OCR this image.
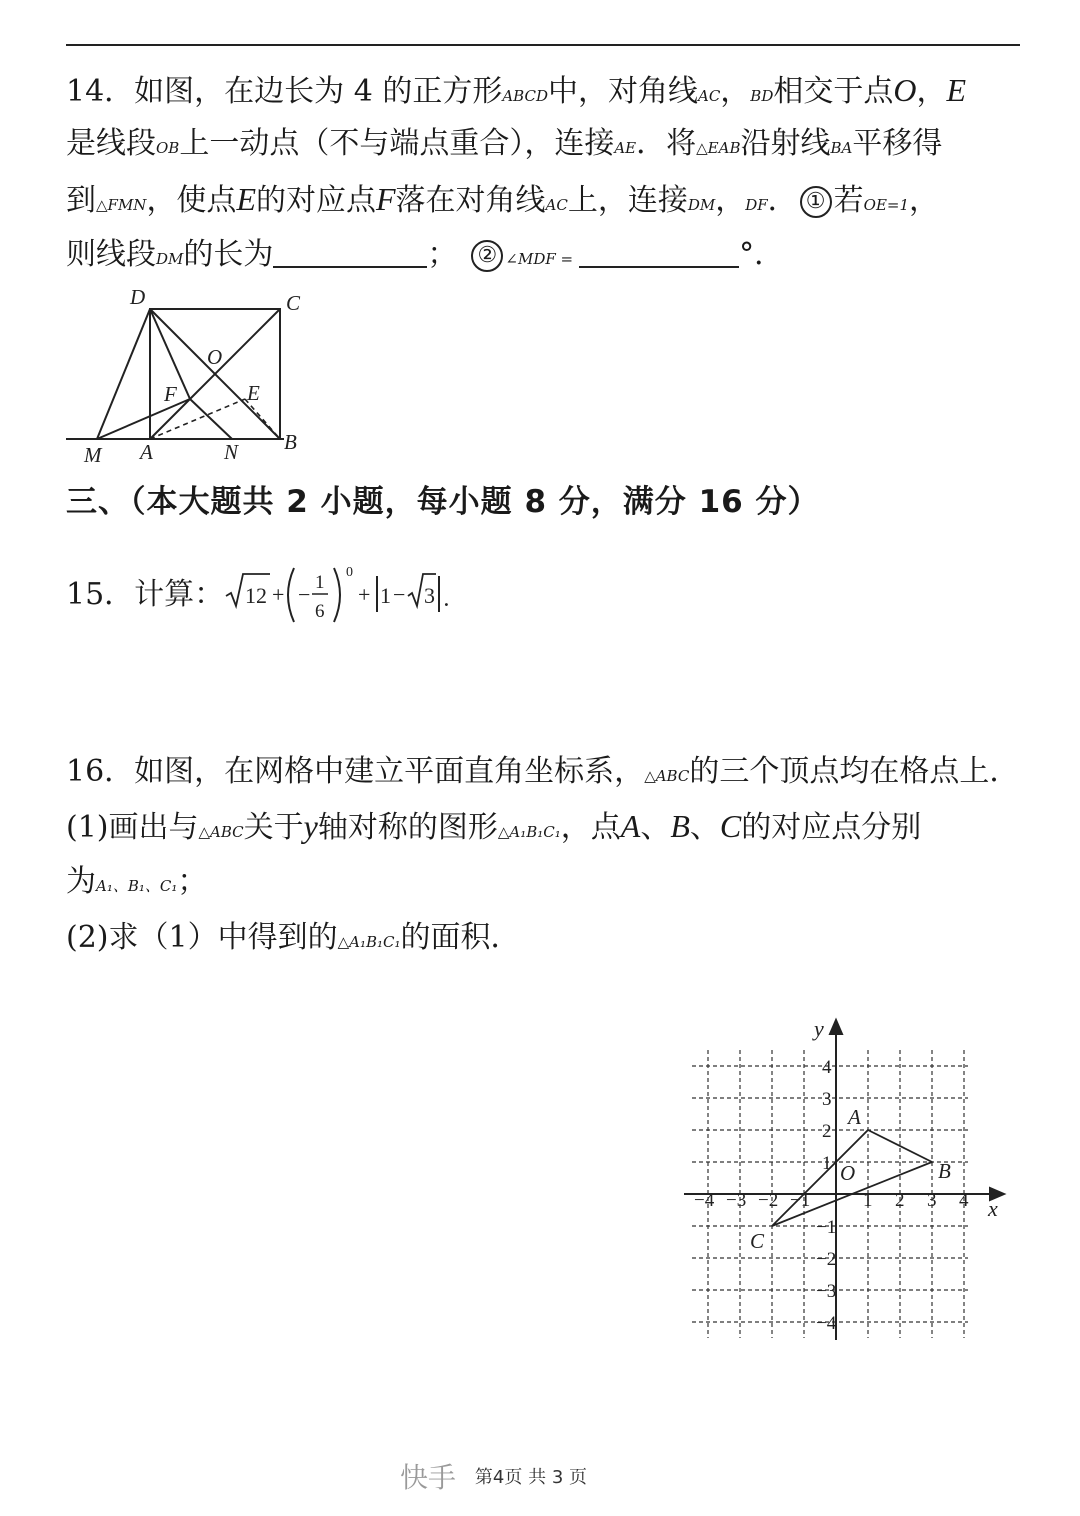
14．如图，在边长为 4 的正方形ABCD中，对角线AC，BD相交于点O，E
是线段OB上一动点（不与端点重合），连接AE．将△EAB沿射线BA平移得
到△FMN，使点E的对应点F落在对角线AC上，连接DM，DF． ① 若OE=1，
则线段DM的长为	； ② ∠MDF =	°．
D	C
O
F	E
M A	N B
三、（本大题共 2 小题，每小题 8 分，满分 16 分）
15．计算： 12 + − 1
6
0
+ 1 − 3 ．
16．如图，在网格中建立平面直角坐标系，△ABC的三个顶点均在格点上．
(1)画出与△ABC关于y轴对称的图形△A₁B₁C₁，点A、B、C的对应点分别
为A₁、B₁、C₁；
(2)求（1）中得到的△A₁B₁C₁的面积．
x
y
O
−4 −3 −2 −1	1 2 3 4
4
3
2
1
−1
−2
−3
−4
A
B
C
快手 第4页 共 3 页
